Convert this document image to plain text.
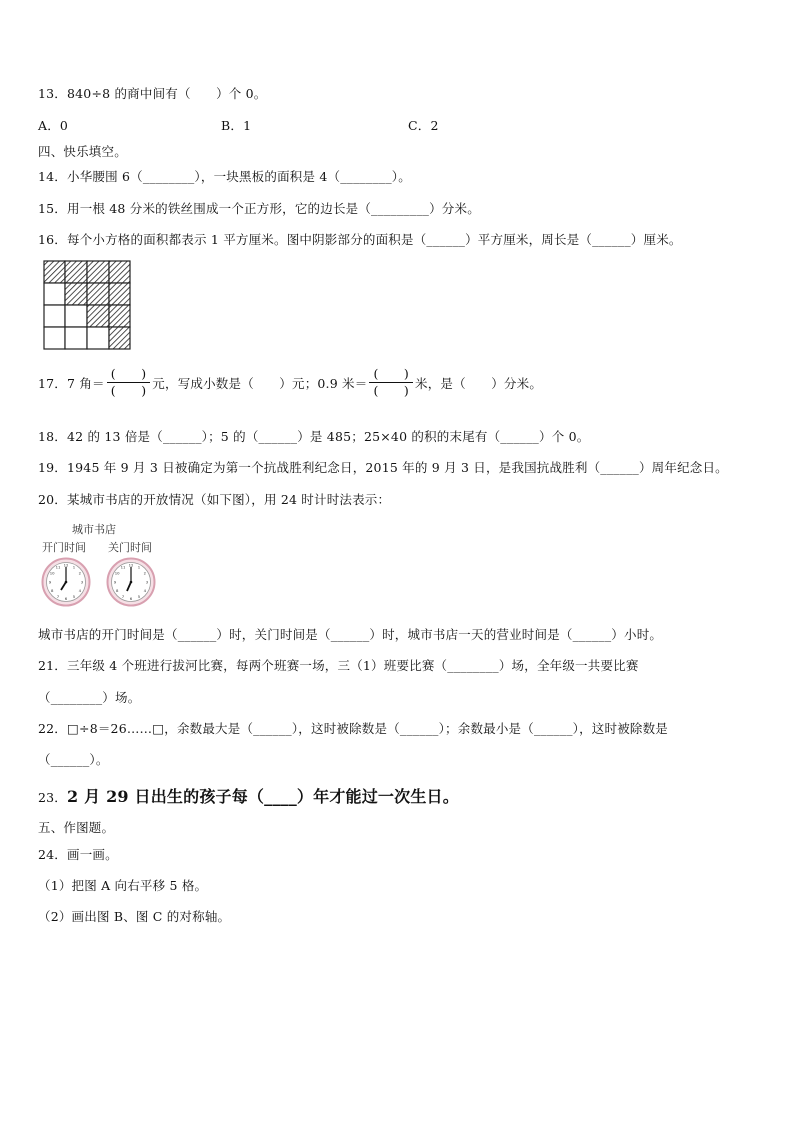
13．840÷8 的商中间有（　　）个 0。
A．0	B．1	C．2
四、快乐填空。
14．小华腰围 6（________），一块黑板的面积是 4（________）。
15．用一根 48 分米的铁丝围成一个正方形，它的边长是（_________）分米。
16．每个小方格的面积都表示 1 平方厘米。图中阴影部分的面积是（______）平方厘米，周长是（______）厘米。
17．7 角＝ $\frac{( )}{( )}$ 元，写成小数是（　　）元；0.9 米＝ $\frac{( )}{( )}$ 米，是（　　）分米。
18．42 的 13 倍是（______）；5 的（______）是 485；25×40 的积的末尾有（______）个 0。
19．1945 年 9 月 3 日被确定为第一个抗战胜利纪念日，2015 年的 9 月 3 日，是我国抗战胜利（______）周年纪念日。
20．某城市书店的开放情况（如下图），用 24 时计时法表示：
城市书店
开门时间 关门时间
12 1
2
3
4
5
6
7
8
9
10
11	12 1
2
3
4
5
6
7
8
9
10
11
城市书店的开门时间是（______）时，关门时间是（______）时，城市书店一天的营业时间是（______）小时。
21．三年级 4 个班进行拔河比赛，每两个班赛一场，三（1）班要比赛（________）场，全年级一共要比赛
（________）场。
22．□÷8＝26……□，余数最大是（______），这时被除数是（______）；余数最小是（______），这时被除数是
（______）。
23．2 月 29 日出生的孩子每（____）年才能过一次生日。
五、作图题。
24．画一画。
（1）把图 A 向右平移 5 格。
（2）画出图 B、图 C 的对称轴。
